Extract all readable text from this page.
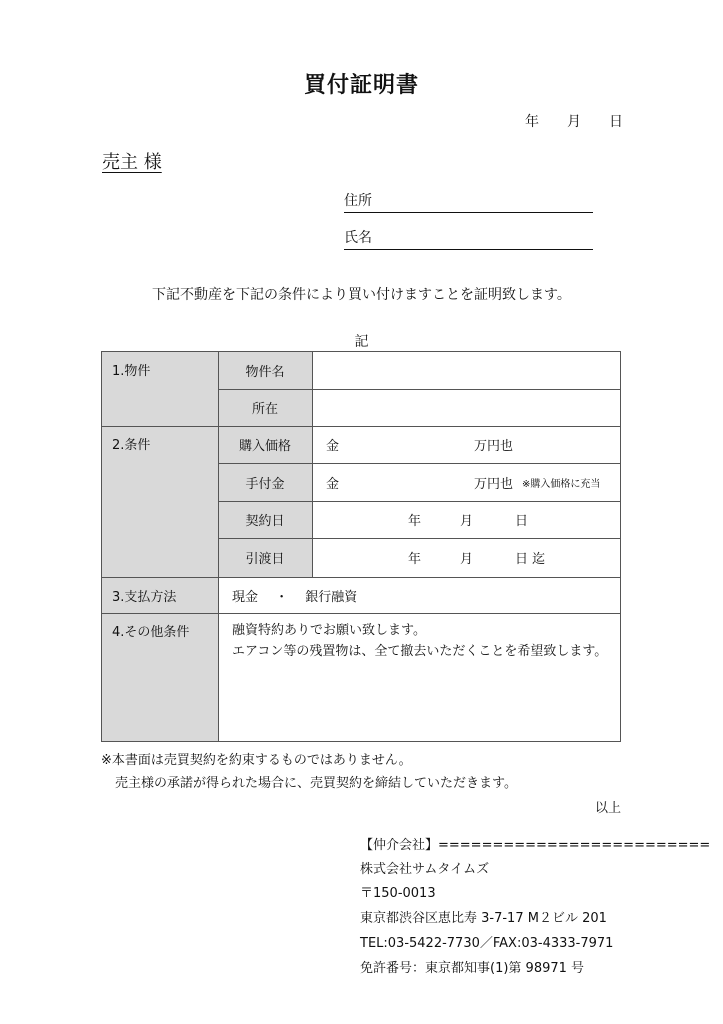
買付証明書
年 月 日
売主 様
住所
氏名
下記不動産を下記の条件により買い付けますことを証明致します。
記
1.物件	物件名
所在
2.条件	購入価格	金	万円也
手付金	金	万円也 ※購入価格に充当
契約日	年	月	日
引渡日	年	月	日 迄
3.支払方法	現金　 ・　 銀行融資
4.その他条件	融資特約ありでお願い致します。
エアコン等の残置物は、全て撤去いただくことを希望致します。
※本書面は売買契約を約束するものではありません。
売主様の承諾が得られた場合に、売買契約を締結していただきます。
以上
【仲介会社】=========================
株式会社サムタイムズ
〒150-0013
東京都渋谷区恵比寿 3-7-17 M２ビル 201
TEL:03-5422-7730／FAX:03-4333-7971
免許番号：東京都知事(1)第 98971 号
